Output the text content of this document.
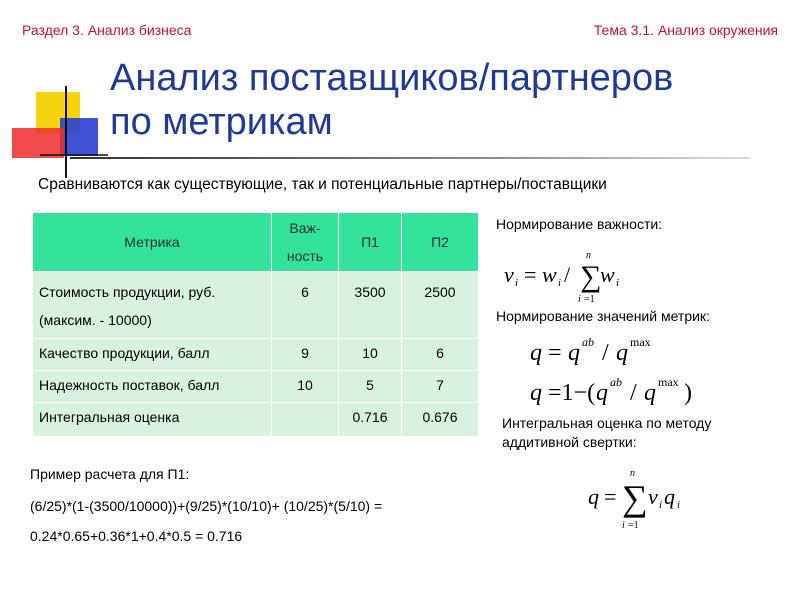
Раздел 3. Анализ бизнеса	Тема 3.1. Анализ окружения
Анализ поставщиков/партнеров
по метрикам
Сравниваются как существующие, так и потенциальные партнеры/поставщики
Метрика	Важ-ность	П1	П2

Стоимость продукции, руб. (максим. - 10000)	6	3500	2500

Качество продукции, балл	9	10	6

Надежность поставок, балл	10	5	7

Интегральная оценка		0.716	0.676
Нормирование важности:
v i = w i / ∑
n
i =1
w i
Нормирование значений метрик:
q = q ab / q max
q =1−( q ab / q max )
Интегральная оценка по методу аддитивной свертки:
q = ∑
n
i =1
v i q i
Пример расчета для П1:
(6/25)*(1-(3500/10000))+(9/25)*(10/10)+ (10/25)*(5/10) =
0.24*0.65+0.36*1+0.4*0.5 = 0.716
